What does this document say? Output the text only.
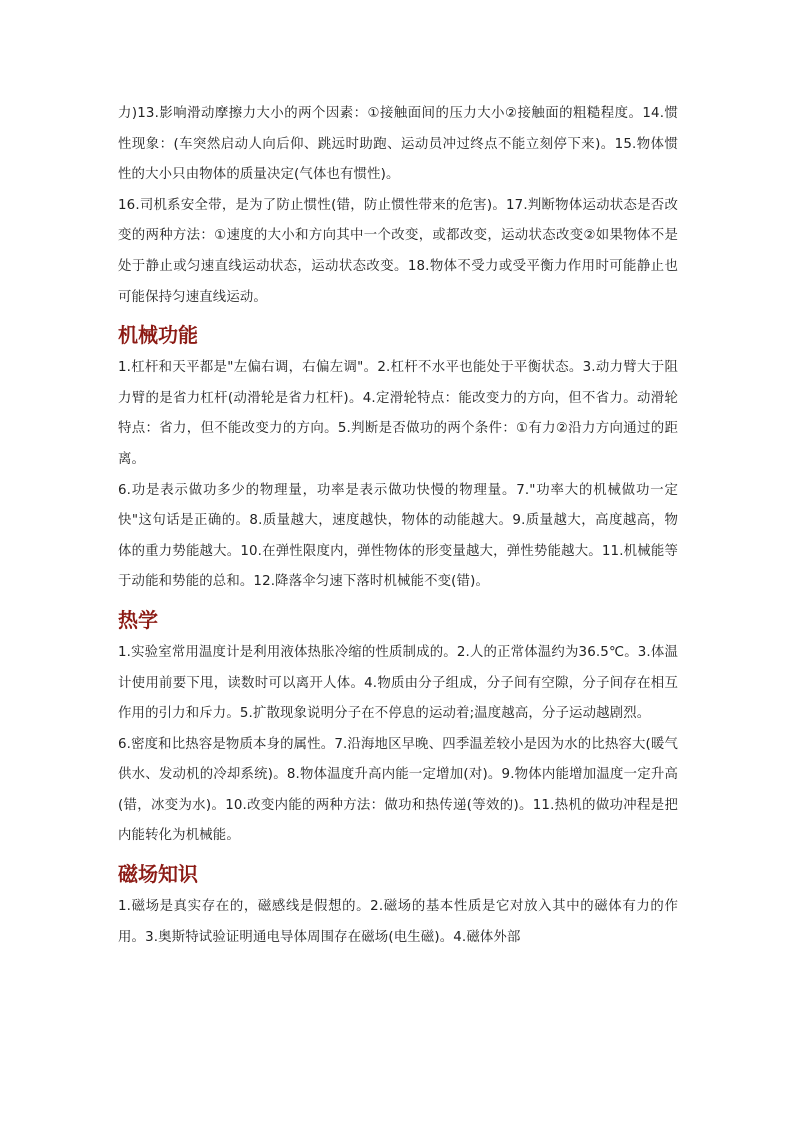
力)13.影响滑动摩擦力大小的两个因素：①接触面间的压力大小②接触面的粗糙程度。14.惯性现象：(车突然启动人向后仰、跳远时助跑、运动员冲过终点不能立刻停下来)。15.物体惯性的大小只由物体的质量决定(气体也有惯性)。

16.司机系安全带，是为了防止惯性(错，防止惯性带来的危害)。17.判断物体运动状态是否改变的两种方法：①速度的大小和方向其中一个改变，或都改变，运动状态改变②如果物体不是处于静止或匀速直线运动状态，运动状态改变。18.物体不受力或受平衡力作用时可能静止也可能保持匀速直线运动。

机械功能

1.杠杆和天平都是"左偏右调，右偏左调"。2.杠杆不水平也能处于平衡状态。3.动力臂大于阻力臂的是省力杠杆(动滑轮是省力杠杆)。4.定滑轮特点：能改变力的方向，但不省力。动滑轮特点：省力，但不能改变力的方向。5.判断是否做功的两个条件：①有力②沿力方向通过的距离。

6.功是表示做功多少的物理量，功率是表示做功快慢的物理量。7."功率大的机械做功一定快"这句话是正确的。8.质量越大，速度越快，物体的动能越大。9.质量越大，高度越高，物体的重力势能越大。10.在弹性限度内，弹性物体的形变量越大，弹性势能越大。11.机械能等于动能和势能的总和。12.降落伞匀速下落时机械能不变(错)。

热学

1.实验室常用温度计是利用液体热胀冷缩的性质制成的。2.人的正常体温约为36.5℃。3.体温计使用前要下甩，读数时可以离开人体。4.物质由分子组成，分子间有空隙，分子间存在相互作用的引力和斥力。5.扩散现象说明分子在不停息的运动着;温度越高，分子运动越剧烈。

6.密度和比热容是物质本身的属性。7.沿海地区早晚、四季温差较小是因为水的比热容大(暖气供水、发动机的冷却系统)。8.物体温度升高内能一定增加(对)。9.物体内能增加温度一定升高(错，冰变为水)。10.改变内能的两种方法：做功和热传递(等效的)。11.热机的做功冲程是把内能转化为机械能。

磁场知识

1.磁场是真实存在的，磁感线是假想的。2.磁场的基本性质是它对放入其中的磁体有力的作用。3.奥斯特试验证明通电导体周围存在磁场(电生磁)。4.磁体外部
